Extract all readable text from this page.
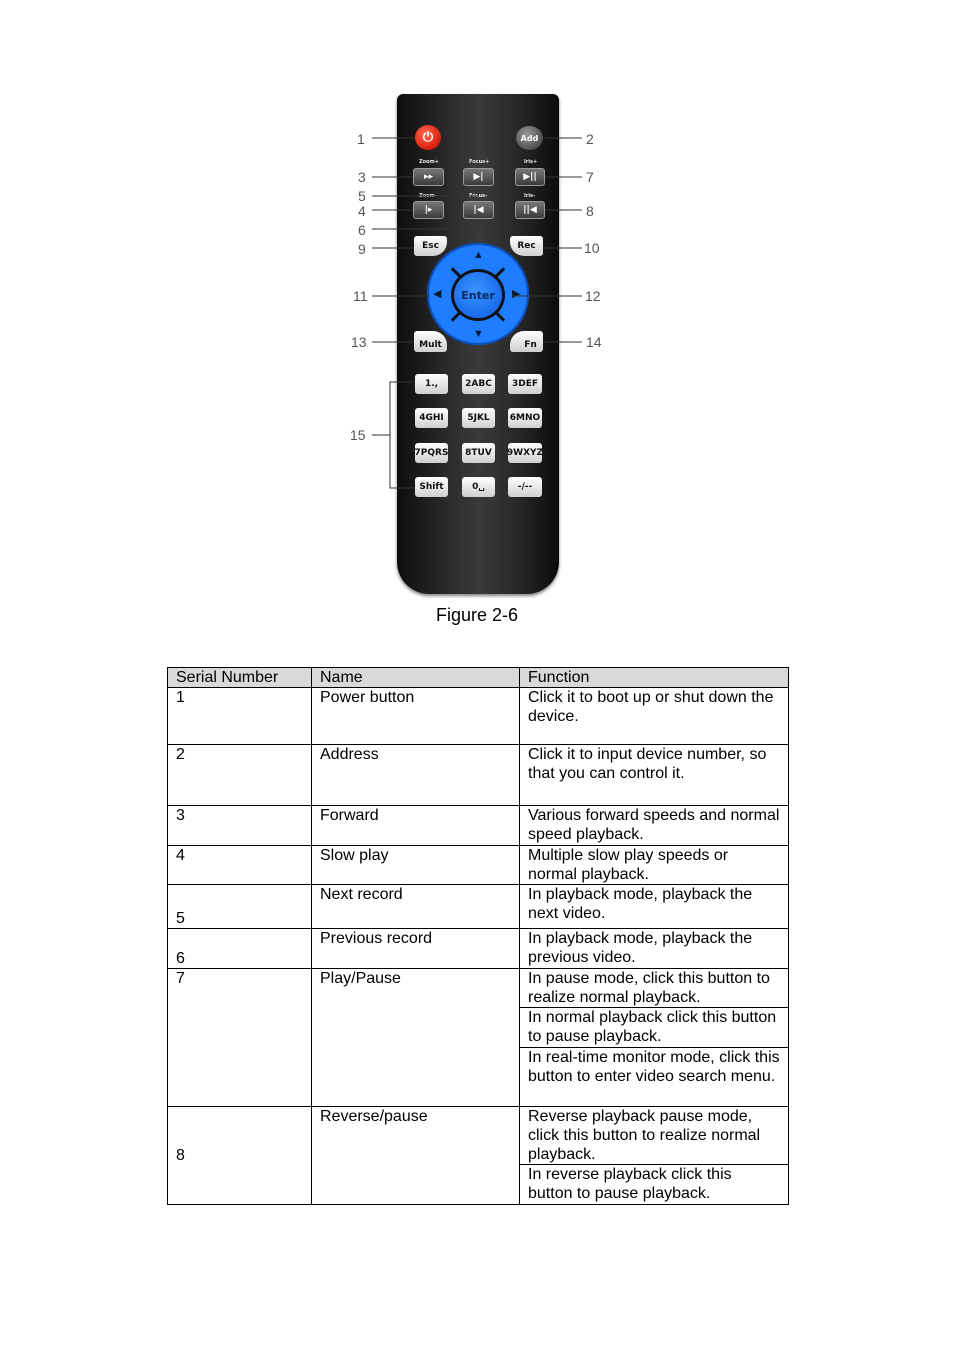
⏻	Add
Zoom+	Focus+	Iris+
▸▸	▶|	▶||
Zoom-	Focus-	Iris-
|▸	|◀	||◀
Esc	Rec
▲
▼
◀	▶
Enter
Mult	Fn
1.,	2ABC	3DEF
4GHI	5JKL	6MNO
7PQRS	8TUV	9WXYZ
Shift	0␣	-/--
1
3
5
4
6
9
11
13
15
2
7
8
10
12
14
Figure 2-6
Serial Number	Name	Function
1	Power button	Click it to boot up or shut down the device.
2	Address	Click it to input device number, so that you can control it.
3	Forward	Various forward speeds and normal speed playback.
4	Slow play	Multiple slow play speeds or normal playback.
5	Next record	In playback mode, playback the next video.
6	Previous record	In playback mode, playback the previous video.
7	Play/Pause	In pause mode, click this button to realize normal playback.
		In normal playback click this button to pause playback.
		In real-time monitor mode, click this button to enter video search menu.
8	Reverse/pause	Reverse playback pause mode, click this button to realize normal playback.
		In reverse playback click this button to pause playback.
